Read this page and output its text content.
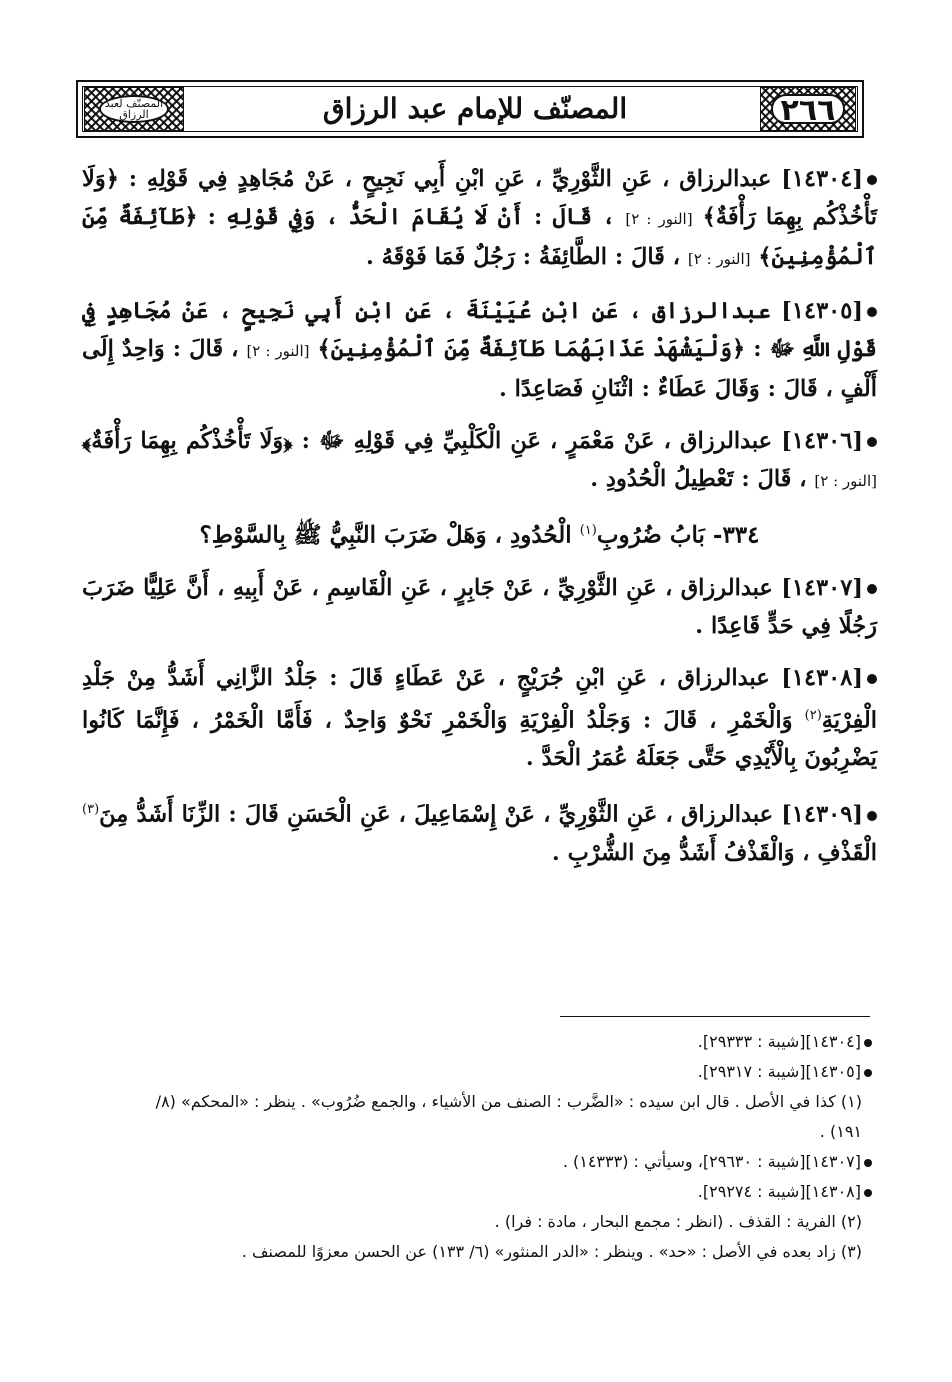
المصنّف لعبد الرزاق	المصنّف للإمام عبد الرزاق	٢٦٦

[١٤٣٠٤] عبدالرزاق ، عَنِ الثَّوْرِيِّ ، عَنِ ابْنِ أَبِي نَجِيحٍ ، عَنْ مُجَاهِدٍ فِي قَوْلِهِ : ﴿وَلَا تَأْخُذْكُم بِهِمَا رَأْفَةٌ﴾ [النور : ٢] ، قَالَ : أَنْ لَا يُقَامَ الْحَدُّ ، وَفِي قَوْلِهِ : ﴿طَآئِفَةٌ مِّنَ ٱلْمُؤْمِنِينَ﴾ [النور : ٢] ، قَالَ : الطَّائِفَةُ : رَجُلٌ فَمَا فَوْقَهُ .

[١٤٣٠٥] عبدالرزاق ، عَنِ ابْنِ عُيَيْنَةَ ، عَنِ ابْنِ أَبِي نَجِيحٍ ، عَنْ مُجَاهِدٍ فِي قَوْلِ اللَّهِ ﷻ : ﴿وَلْيَشْهَدْ عَذَابَهُمَا طَآئِفَةٌ مِّنَ ٱلْمُؤْمِنِينَ﴾ [النور : ٢] ، قَالَ : وَاحِدٌ إِلَى أَلْفٍ ، قَالَ : وَقَالَ عَطَاءٌ : اثْنَانِ فَصَاعِدًا .

[١٤٣٠٦] عبدالرزاق ، عَنْ مَعْمَرٍ ، عَنِ الْكَلْبِيِّ فِي قَوْلِهِ ﷻ : ﴿وَلَا تَأْخُذْكُم بِهِمَا رَأْفَةٌ﴾ [النور : ٢] ، قَالَ : تَعْطِيلُ الْحُدُودِ .

٣٣٤- بَابُ ضُرُوبِ$^{(١)}$ الْحُدُودِ ، وَهَلْ ضَرَبَ النَّبِيُّ ﷺ بِالسَّوْطِ؟

[١٤٣٠٧] عبدالرزاق ، عَنِ الثَّوْرِيِّ ، عَنْ جَابِرٍ ، عَنِ الْقَاسِمِ ، عَنْ أَبِيهِ ، أَنَّ عَلِيًّا ضَرَبَ رَجُلًا فِي حَدٍّ قَاعِدًا .

[١٤٣٠٨] عبدالرزاق ، عَنِ ابْنِ جُرَيْجٍ ، عَنْ عَطَاءٍ قَالَ : جَلْدُ الزَّانِي أَشَدُّ مِنْ جَلْدِ الْفِرْيَةِ$^{(٢)}$ وَالْخَمْرِ ، قَالَ : وَجَلْدُ الْفِرْيَةِ وَالْخَمْرِ نَحْوٌ وَاحِدٌ ، فَأَمَّا الْخَمْرُ ، فَإِنَّمَا كَانُوا يَضْرِبُونَ بِالْأَيْدِي حَتَّى جَعَلَهُ عُمَرُ الْحَدَّ .

[١٤٣٠٩] عبدالرزاق ، عَنِ الثَّوْرِيِّ ، عَنْ إِسْمَاعِيلَ ، عَنِ الْحَسَنِ قَالَ : الزِّنَا أَشَدُّ مِنَ$^{(٣)}$ الْقَذْفِ ، وَالْقَذْفُ أَشَدُّ مِنَ الشُّرْبِ .

[١٤٣٠٤][شيبة : ٢٩٣٣٣].

[١٤٣٠٥][شيبة : ٢٩٣١٧].

(١) كذا في الأصل . قال ابن سيده : «الضَّرب : الصنف من الأشياء ، والجمع ضُرُوب» . ينظر : «المحكم» (٨/ ١٩١) .

[١٤٣٠٧][شيبة : ٢٩٦٣٠]، وسيأتي : (١٤٣٣٣) .

[١٤٣٠٨][شيبة : ٢٩٢٧٤].

(٢) الفرية : القذف . (انظر : مجمع البحار ، مادة : فرا) .

(٣) زاد بعده في الأصل : «حد» . وينظر : «الدر المنثور» (٦/ ١٣٣) عن الحسن معزوًا للمصنف .
